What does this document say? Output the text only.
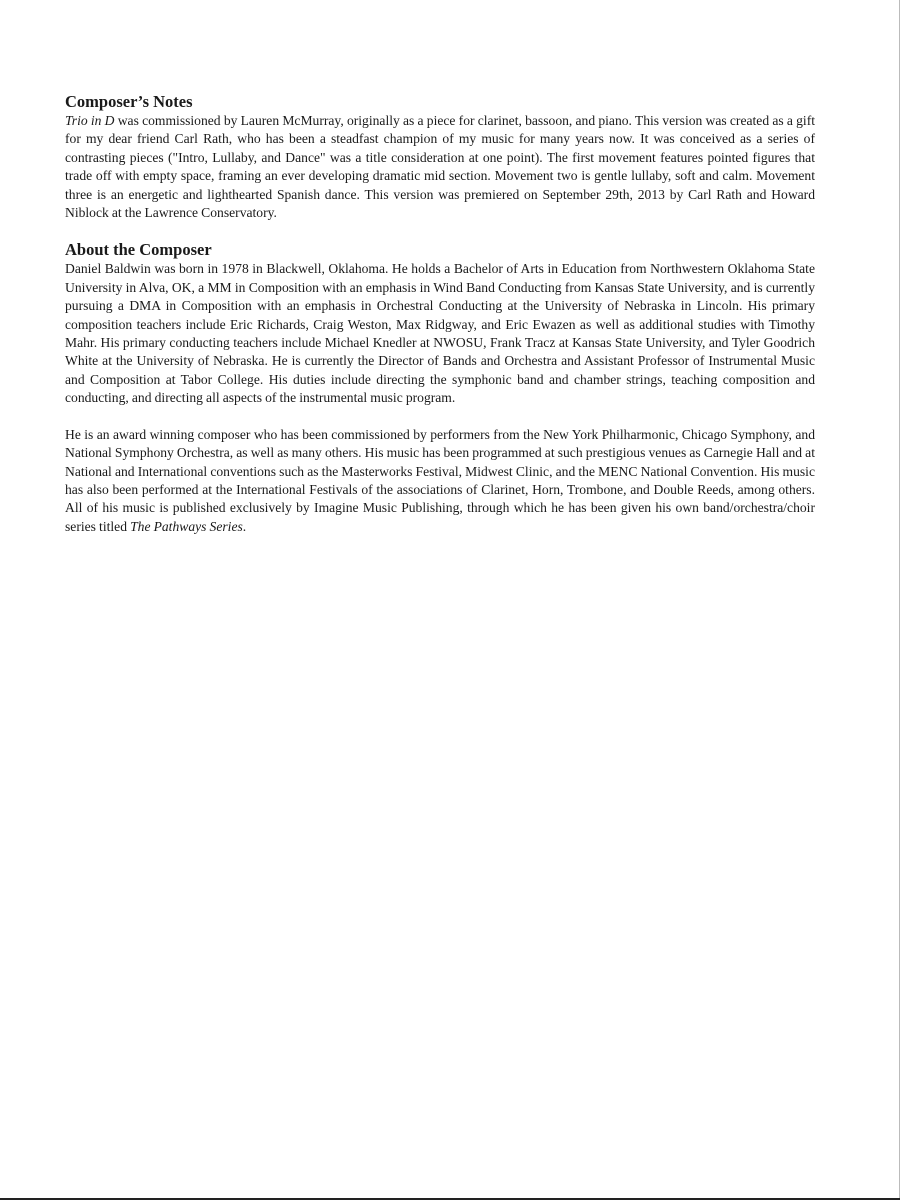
Composer’s Notes

Trio in D was commissioned by Lauren McMurray, originally as a piece for clarinet, bassoon, and piano. This version was created as a gift for my dear friend Carl Rath, who has been a steadfast champion of my music for many years now. It was conceived as a series of contrasting pieces ("Intro, Lullaby, and Dance" was a title consideration at one point). The first movement features pointed figures that trade off with empty space, framing an ever developing dramatic mid section. Movement two is gentle lullaby, soft and calm. Movement three is an energetic and lighthearted Spanish dance. This version was premiered on September 29th, 2013 by Carl Rath and Howard Niblock at the Lawrence Conservatory.

About the Composer

Daniel Baldwin was born in 1978 in Blackwell, Oklahoma. He holds a Bachelor of Arts in Education from Northwestern Oklahoma State University in Alva, OK, a MM in Composition with an emphasis in Wind Band Conducting from Kansas State University, and is currently pursuing a DMA in Composition with an emphasis in Orchestral Conducting at the University of Nebraska in Lincoln. His primary composition teachers include Eric Richards, Craig Weston, Max Ridgway, and Eric Ewazen as well as additional studies with Timothy Mahr. His primary conducting teachers include Michael Knedler at NWOSU, Frank Tracz at Kansas State University, and Tyler Goodrich White at the University of Nebraska. He is currently the Director of Bands and Orchestra and Assistant Professor of Instrumental Music and Composition at Tabor College. His duties include directing the symphonic band and chamber strings, teaching composition and conducting, and directing all aspects of the instrumental music program.

He is an award winning composer who has been commissioned by performers from the New York Philharmonic, Chicago Symphony, and National Symphony Orchestra, as well as many others. His music has been programmed at such prestigious venues as Carnegie Hall and at National and International conventions such as the Masterworks Festival, Midwest Clinic, and the MENC National Convention. His music has also been performed at the International Festivals of the associations of Clarinet, Horn, Trombone, and Double Reeds, among others. All of his music is published exclusively by Imagine Music Publishing, through which he has been given his own band/orchestra/choir series titled The Pathways Series.
